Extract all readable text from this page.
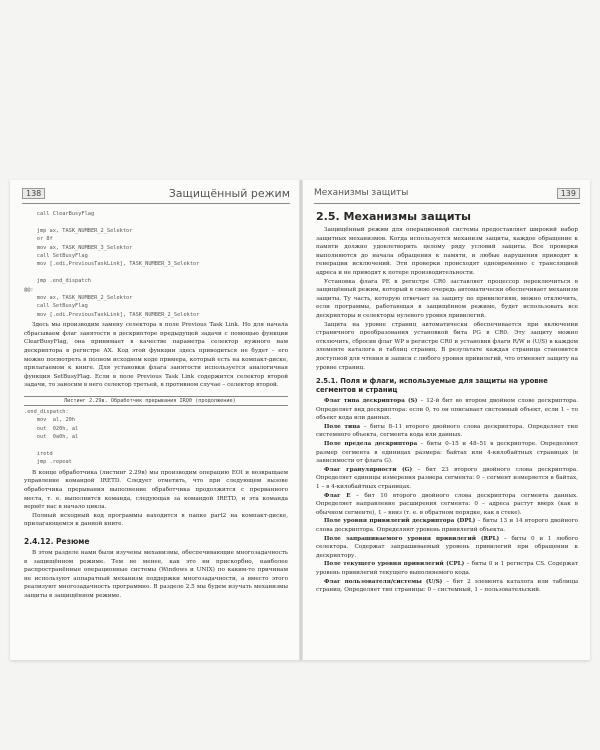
138	Защищённый режим
call ClearBusyFlag

jmp ax, TASK_NUMBER_2_Selektor
or 8f
mov ax, TASK_NUMBER_3_Selektor
call SetBusyFlag
mov [.edi,PreviousTaskLink], TASK_NUMBER_3_Selektor

jmp .end_dispatch
@@:
mov ax, TASK_NUMBER_2_Selektor
call SetBusyFlag
mov [.edi.PreviousTaskLink], TASK_NUMBER_2_Selektor

Здесь мы производим замену селектора в поле Previous Task Link. Но для начала сбрасываем флаг занятости в дескрипторе предыдущей задачи с помощью функции ClearBusyFlag, она принимает в качестве параметра селектор нужного нам дескриптора в регистре AX. Код этой функции здесь приводиться не будет – его можно посмотреть в полном исходном коде примера, который есть на компакт-диске, прилагаемом к книге. Для установки флага занятости используется аналогичная функция SetBusyFlag. Если в поле Previous Task Link содержится селектор второй задачи, то заносим в него селектор третьей, в противном случае – селектор второй.

Листинг 2.29в. Обработчик прерывания IRQ0 (продолжение)
.end_dispatch:
mov  al, 20h
out  020h, al
out  0a0h, al

iretd
jmp .repeat

В конце обработчика (листинг 2.29в) мы производим операцию EOI и возвращаем управление командой IRETD. Следует отметить, что при следующем вызове обработчика прерывания выполнение обработчика продолжится с прерванного места, т. е. выполнится команда, следующая за командой IRETD, и эта команда вернёт нас в начало цикла.

Полный исходный код программы находится в папке part2 на компакт-диске, прилагающемся к данной книге.

2.4.12. Резюме

В этом разделе нами были изучены механизмы, обеспечивающие многозадачность в защищённом режиме. Тем не менее, как это ни прискорбно, наиболее распространённые операционные системы (Windows и UNIX) по каким-то причинам не используют аппаратный механизм поддержки многозадачности, а вместо этого реализуют многозадачность программно. В разделе 2.5 мы будем изучать механизмы защиты в защищённом режиме.

Механизмы защиты	139
2.5. Механизмы защиты

Защищённый режим для операционной системы предоставляет широкий набор защитных механизмов. Когда используется механизм защиты, каждое обращение к памяти должно удовлетворить целому ряду условий защиты. Все проверки выполняются до начала обращения к памяти, и любые нарушения приводят к генерации исключений. Эти проверки происходят одновременно с трансляцией адреса и не приводят к потере производительности.

Установка флага PE в регистре CR0 заставляет процессор переключиться в защищённый режим, который в свою очередь автоматически обеспечивает механизм защиты. Ту часть, которую отвечает за защиту по привилегиям, можно отключить, если программы, работающая в защищённом режиме, будет использовать все дескрипторы и селекторы нулевого уровня привилегий.

Защита на уровне страниц автоматически обеспечивается при включении страничного преобразования установкой бита PG в CR0. Эту защиту можно отключить, сбросив флаг WP в регистре CR0 и установив флаги R/W и (U/S) в каждом элементе каталога и таблиц страниц. В результате каждая страница становится доступной для чтения и записи с любого уровня привилегий, что отменяет защиту на уровне страниц.

2.5.1. Поля и флаги, используемые для защиты на уровне сегментов и страниц

Флаг типа дескриптора (S) – 12-й бит во втором двойном слове дескриптора. Определяет вид дескриптора: если 0, то он описывает системный объект, если 1 – то объект кода или данных.

Поле типа – биты 8–11 второго двойного слова дескриптора. Определяет тип системного объекта, сегмента кода или данных.

Поле предела дескриптора – биты 0–15 и 48–51 в дескрипторе. Определяют размер сегмента в единицах размера: байтах или 4-килобайтных страницах (в зависимости от флага G).

Флаг гранулярности (G) – бит 23 второго двойного слова дескриптора. Определяет единицы измерения размера сегмента: 0 – сегмент измеряется в байтах, 1 – в 4-килобайтных страницах.

Флаг E – бит 10 второго двойного слова дескриптора сегмента данных. Определяет направление расширения сегмента: 0 – адреса растут вверх (как в обычном сегменте), 1 – вниз (т. е. в обратном порядке, как в стеке).

Поле уровня привилегий дескриптора (DPL) – биты 13 и 14 второго двойного слова дескриптора. Определяют уровень привилегий объекта.

Поле запрашиваемого уровня привилегий (RPL) – биты 0 и 1 любого селектора. Содержат запрашиваемый уровень привилегий при обращении к дескриптору.

Поле текущего уровня привилегий (CPL) – биты 0 и 1 регистра CS. Содержат уровень привилегий текущего выполняемого кода.

Флаг пользователя/системы (U/S) – бит 2 элемента каталога или таблицы страниц. Определяет тип страницы: 0 – системный, 1 – пользовательский.
